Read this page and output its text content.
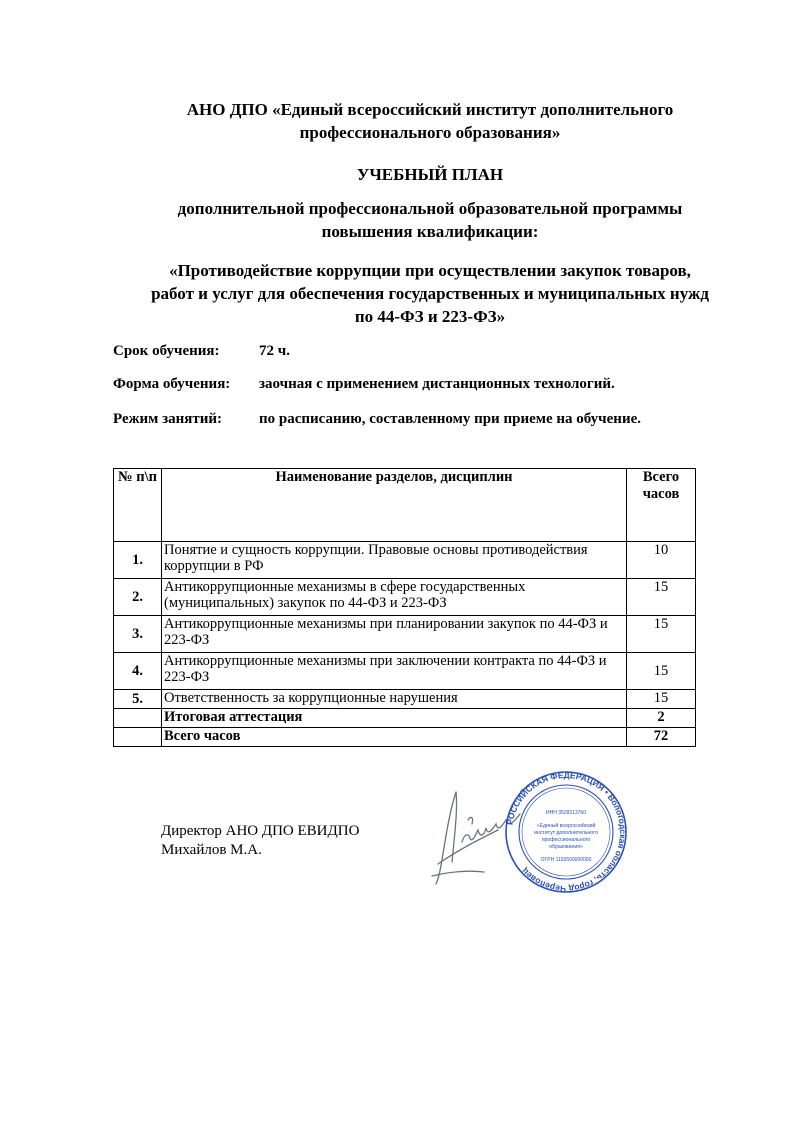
АНО ДПО «Единый всероссийский институт дополнительного
профессионального образования»
УЧЕБНЫЙ ПЛАН
дополнительной профессиональной образовательной программы
повышения квалификации:
«Противодействие коррупции при осуществлении закупок товаров,
работ и услуг для обеспечения государственных и муниципальных нужд
по 44-ФЗ и 223-ФЗ»
Срок обучения:	72 ч.
Форма обучения: заочная с применением дистанционных технологий.
Режим занятий: по расписанию, составленному при приеме на обучение.
№ п\п	Наименование разделов, дисциплин	Всего
часов

1.	Понятие и сущность коррупции. Правовые основы противодействия коррупции в РФ	10
2.	Антикоррупционные механизмы в сфере государственных (муниципальных) закупок по 44-ФЗ и 223-ФЗ	15
3.	Антикоррупционные механизмы при планировании закупок по 44-ФЗ и 223-ФЗ	15
4.	Антикоррупционные механизмы при заключении контракта по 44-ФЗ и 223-ФЗ	15
5.	Ответственность за коррупционные нарушения	15
	Итоговая аттестация	2
	Всего часов	72
Директор АНО ДПО ЕВИДПО
Михайлов М.А.
РОССИЙСКАЯ ФЕДЕРАЦИЯ • Вологодская область, город Череповец
ИНН 3528313760
«Единый всероссийский
институт дополнительного
профессионального
образования»
ОГРН 1193500000000
